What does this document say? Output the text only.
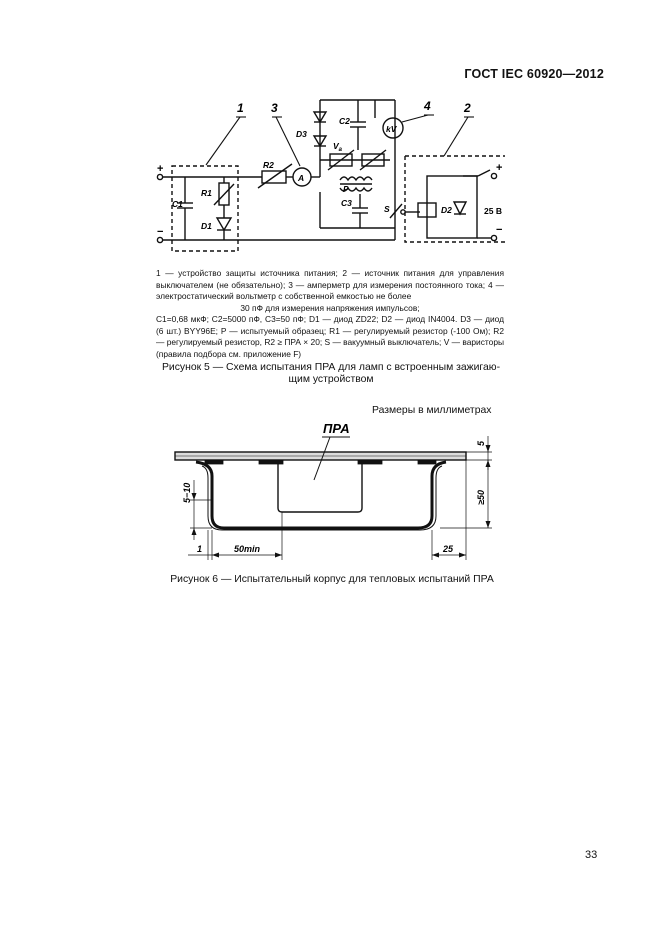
ГОСТ IEC 60920—2012
1 3	4	2
R1
R2
D1
D2
D3
C1
C2
C3
A
kV
$V_a$
P
S	25 В
+
−
+
−

1 — устройство защиты источника питания; 2 — источник питания для управления выключателем (не обязательно); 3 — амперметр для измерения постоянного тока; 4 — электростатический вольтметр с собственной емкостью не более

30 пФ для измерения напряжения импульсов;

C1=0,68 мкФ; C2=5000 пФ, C3=50 пФ; D1 — диод ZD22; D2 — диод IN4004. D3 — диод (6 шт.) BYY96E; P — испытуемый образец; R1 — регулируемый резистор (-100 Ом); R2 — регулируемый резистор, R2 ≥ ПРА × 20; S — вакуумный выключатель; V — варисторы (правила подбора см. приложение F)

Рисунок 5 — Схема испытания ПРА для ламп с встроенным зажигаю-
щим устройством
Размеры в миллиметрах
ПРА
5
≥50
5−10
1	50min	25
Рисунок 6 — Испытательный корпус для тепловых испытаний ПРА
33
